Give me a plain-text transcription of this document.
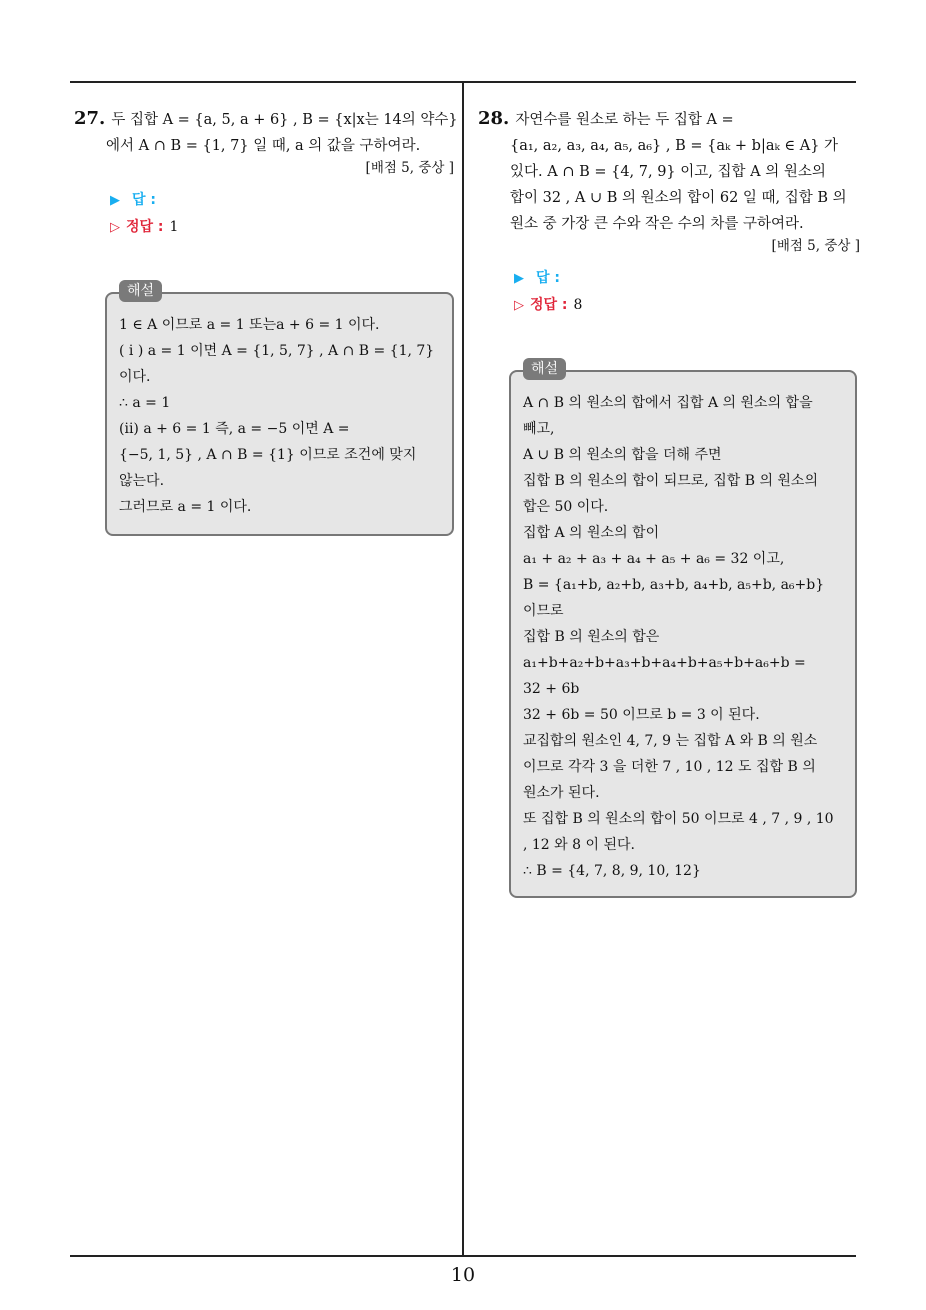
27. 두 집합 A = {a, 5, a + 6} , B = {x|x는 14의 약수}
에서 A ∩ B = {1, 7} 일 때, a 의 값을 구하여라.
[배점 5, 중상 ]
▶ 답 :
▷ 정답 : 1
해설
1 ∈ A 이므로 a = 1 또는a + 6 = 1 이다.
( i ) a = 1 이면 A = {1, 5, 7} , A ∩ B = {1, 7}
이다.
∴ a = 1
(ii) a + 6 = 1 즉, a = −5 이면 A =
{−5, 1, 5} , A ∩ B = {1} 이므로 조건에 맞지
않는다.
그러므로 a = 1 이다.
28. 자연수를 원소로 하는 두 집합 A =
{a₁, a₂, a₃, a₄, a₅, a₆} , B = {aₖ + b|aₖ ∈ A} 가
있다. A ∩ B = {4, 7, 9} 이고, 집합 A 의 원소의
합이 32 , A ∪ B 의 원소의 합이 62 일 때, 집합 B 의
원소 중 가장 큰 수와 작은 수의 차를 구하여라.
[배점 5, 중상 ]
▶ 답 :
▷ 정답 : 8
해설
A ∩ B 의 원소의 합에서 집합 A 의 원소의 합을
빼고,
A ∪ B 의 원소의 합을 더해 주면
집합 B 의 원소의 합이 되므로, 집합 B 의 원소의
합은 50 이다.
집합 A 의 원소의 합이
a₁ + a₂ + a₃ + a₄ + a₅ + a₆ = 32 이고,
B = {a₁+b, a₂+b, a₃+b, a₄+b, a₅+b, a₆+b}
이므로
집합 B 의 원소의 합은
a₁+b+a₂+b+a₃+b+a₄+b+a₅+b+a₆+b =
32 + 6b
32 + 6b = 50 이므로 b = 3 이 된다.
교집합의 원소인 4, 7, 9 는 집합 A 와 B 의 원소
이므로 각각 3 을 더한 7 , 10 , 12 도 집합 B 의
원소가 된다.
또 집합 B 의 원소의 합이 50 이므로 4 , 7 , 9 , 10
, 12 와 8 이 된다.
∴ B = {4, 7, 8, 9, 10, 12}
10
